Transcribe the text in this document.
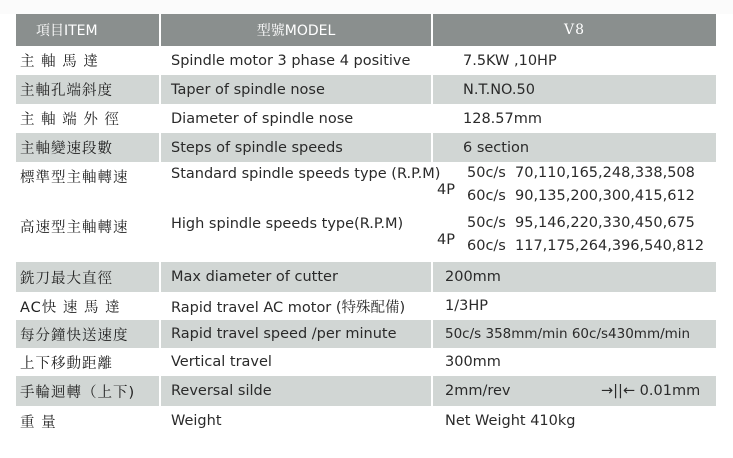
項目ITEM	型號MODEL	V8
主 軸 馬 達	Spindle motor 3 phase 4 positive	7.5KW ,10HP
主軸孔端斜度	Taper of spindle nose	N.T.NO.50
主 軸 端 外 徑	Diameter of spindle nose	128.57mm
主軸變速段數	Steps of spindle speeds	6 section
標準型主軸轉速	Standard spindle speeds type (R.P.M)	4P
50c/s 70,110,165,248,338,508
60c/s 90,135,200,300,415,612

高速型主軸轉速	High spindle speeds type(R.P.M)	4P
50c/s 95,146,220,330,450,675
60c/s 117,175,264,396,540,812

銑刀最大直徑	Max diameter of cutter	200mm
AC快 速 馬 達	Rapid travel AC motor (特殊配備)	1/3HP
每分鐘快送速度	Rapid travel speed /per minute	50c/s 358mm/min 60c/s430mm/min
上下移動距離	Vertical travel	300mm
手輪迴轉（上下)	Reversal silde	2mm/rev →||← 0.01mm

重 量	Weight	Net Weight 410kg
